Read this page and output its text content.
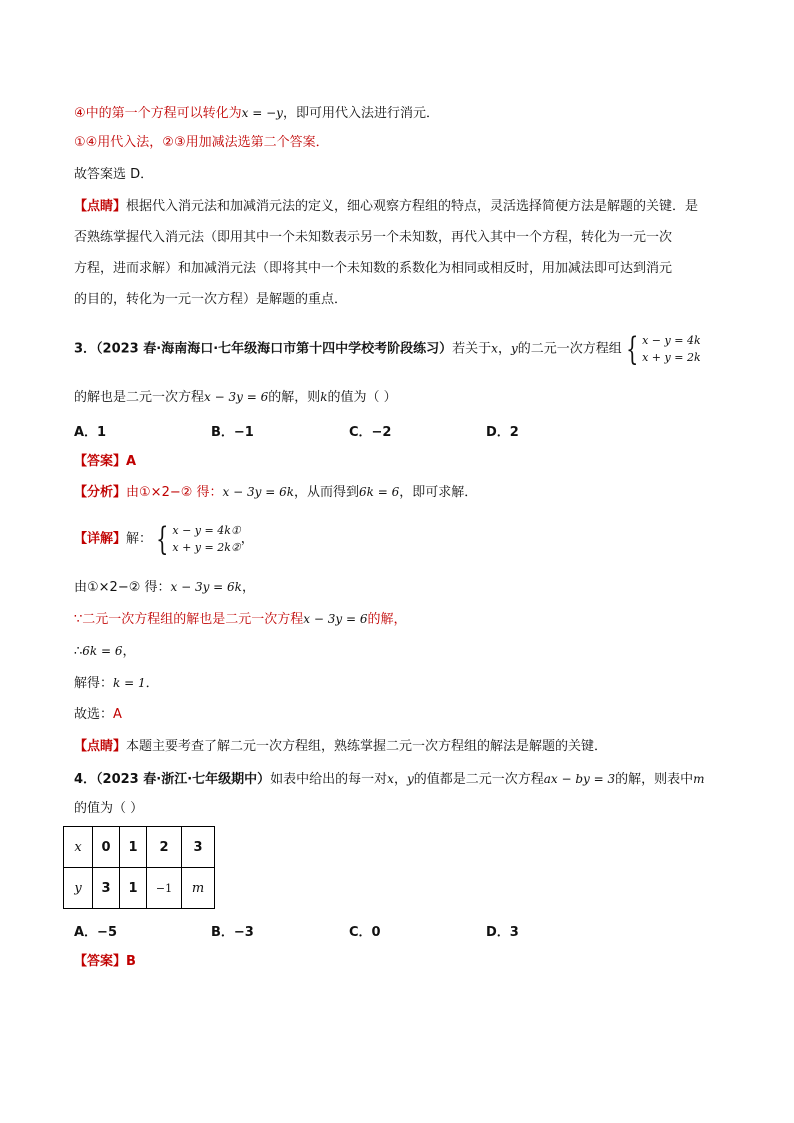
④中的第一个方程可以转化为x = −y，即可用代入法进行消元．
①④用代入法，②③用加减法选第二个答案．
故答案选 D．
【点睛】根据代入消元法和加减消元法的定义，细心观察方程组的特点，灵活选择简便方法是解题的关键．是
否熟练掌握代入消元法（即用其中一个未知数表示另一个未知数，再代入其中一个方程，转化为一元一次
方程，进而求解）和加减消元法（即将其中一个未知数的系数化为相同或相反时，用加减法即可达到消元
的目的，转化为一元一次方程）是解题的重点．
3．（2023 春·海南海口·七年级海口市第十四中学校考阶段练习）若关于x，y的二元一次方程组 { x − y = 4k
x + y = 2k
的解也是二元一次方程x − 3y = 6的解，则k的值为（ ）
A．1	B．−1	C．−2	D．2
【答案】A
【分析】由①×2−② 得：x − 3y = 6k，从而得到6k = 6，即可求解．
【详解】解： { x − y = 4k①
x + y = 2k②
，
由①×2−② 得：x − 3y = 6k，
∵二元一次方程组的解也是二元一次方程x − 3y = 6的解，
∴6k = 6，
解得：k = 1．
故选：A
【点睛】本题主要考查了解二元一次方程组，熟练掌握二元一次方程组的解法是解题的关键．
4．（2023 春·浙江·七年级期中）如表中给出的每一对x，y的值都是二元一次方程ax − by = 3的解，则表中m
的值为（ ）
x	0	1	2	3
y	3	1	−1	m
A．−5	B．−3	C．0	D．3
【答案】B
